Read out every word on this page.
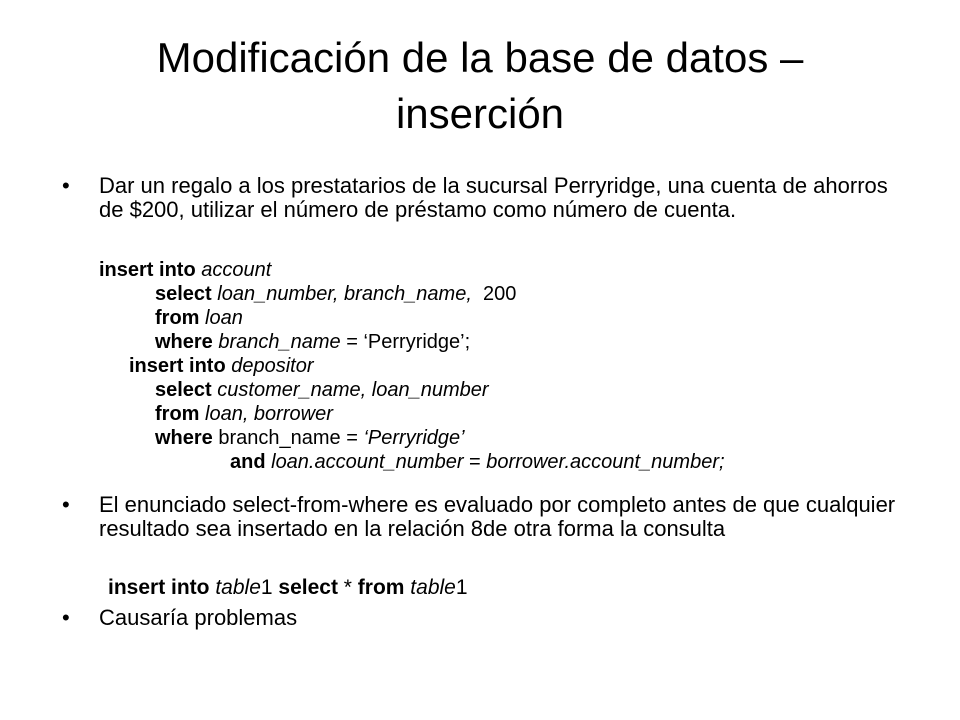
Modificación de la base de datos –
inserción
• Dar un regalo a los prestatarios de la sucursal Perryridge, una cuenta de ahorros de $200, utilizar el número de préstamo como número de cuenta.
insert into account
select loan_number, branch_name,  200
from loan
where branch_name = ‘Perryridge’;
insert into depositor
select customer_name, loan_number
from loan, borrower
where branch_name = ‘Perryridge’
and loan.account_number = borrower.account_number;
• El enunciado select-from-where es evaluado por completo antes de que cualquier resultado sea insertado en la relación 8de otra forma la consulta
insert into table1 select * from table1
• Causaría problemas
